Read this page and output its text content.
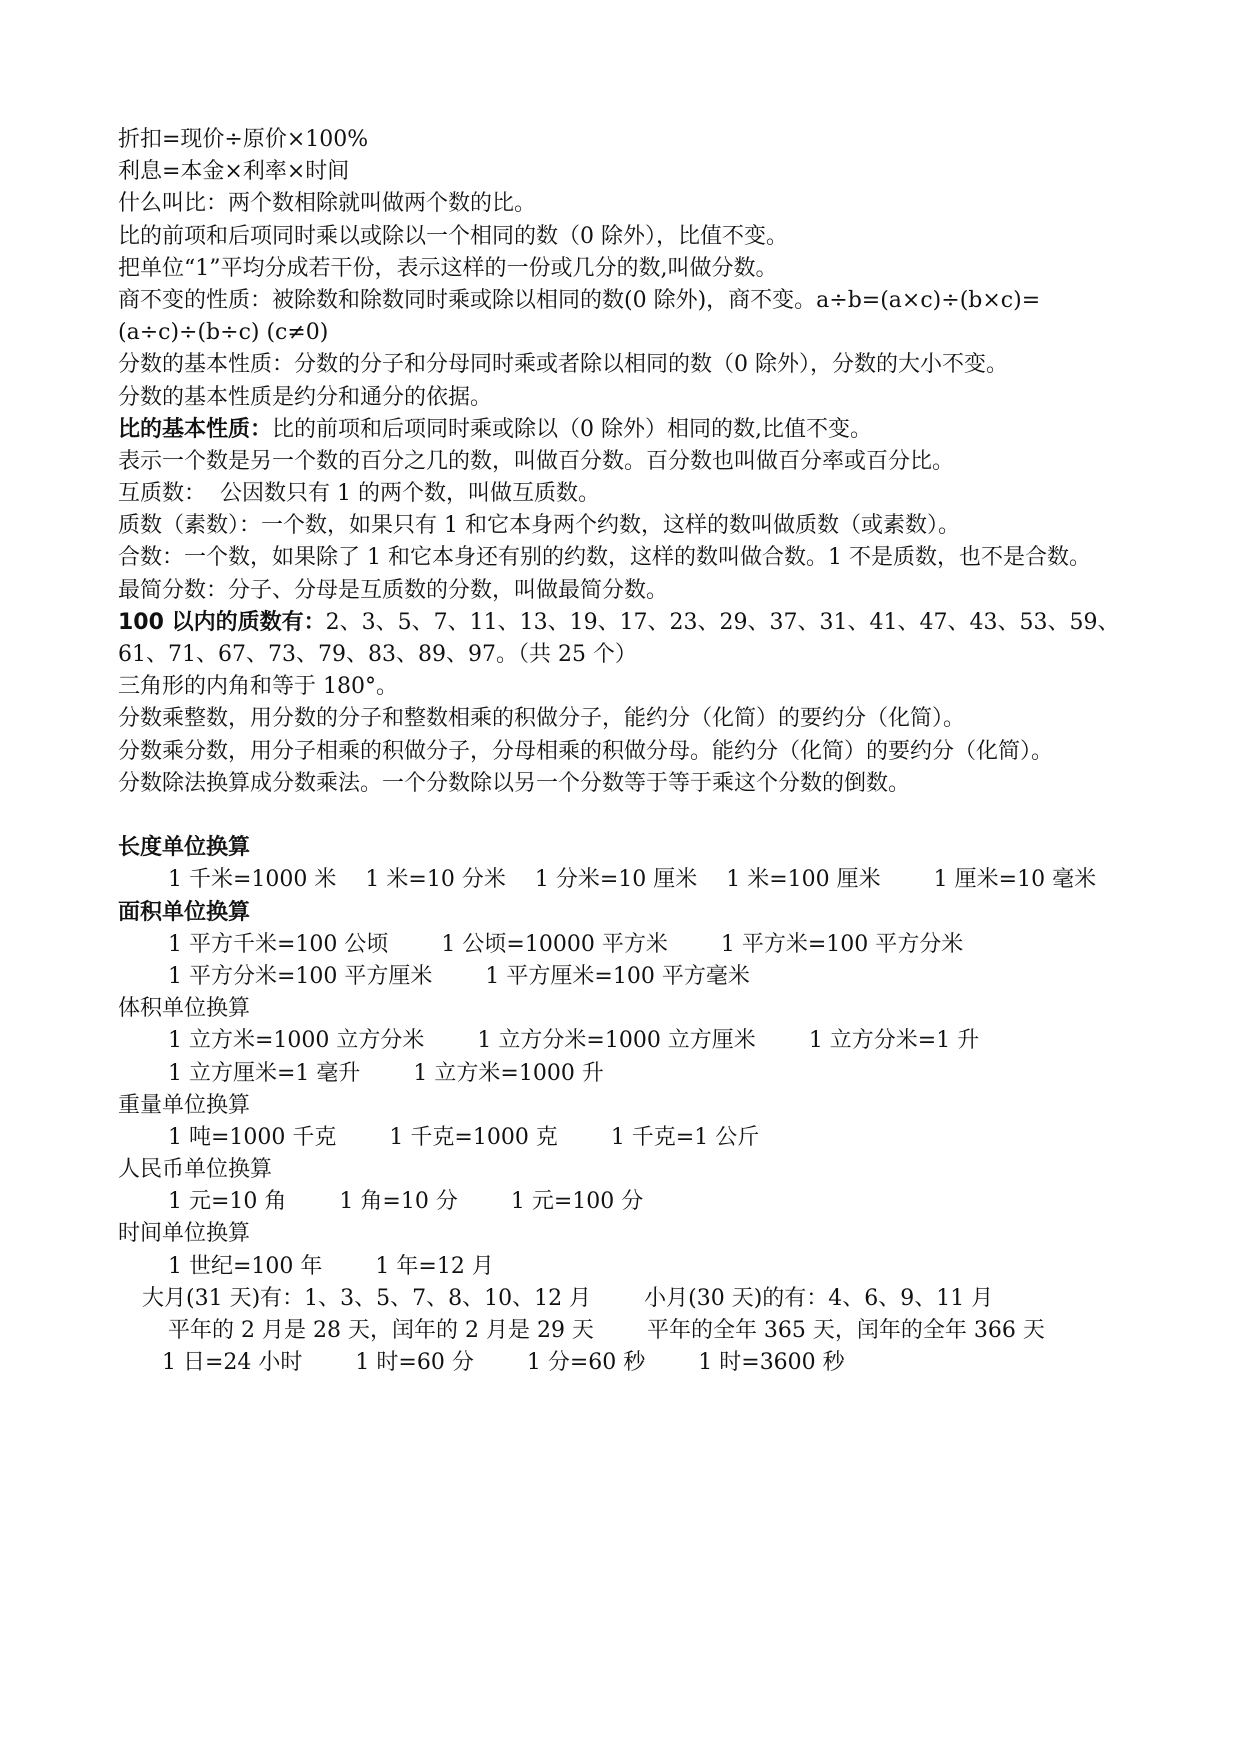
折扣=现价÷原价×100%
利息=本金×利率×时间
什么叫比：两个数相除就叫做两个数的比。
比的前项和后项同时乘以或除以一个相同的数（0 除外），比值不变。
把单位“1”平均分成若干份，表示这样的一份或几分的数,叫做分数。
商不变的性质：被除数和除数同时乘或除以相同的数(0 除外)，商不变。a÷b=(a×c)÷(b×c)=(a÷c)÷(b÷c) (c≠0)
分数的基本性质：分数的分子和分母同时乘或者除以相同的数（0 除外），分数的大小不变。
分数的基本性质是约分和通分的依据。
比的基本性质：比的前项和后项同时乘或除以（0 除外）相同的数,比值不变。
表示一个数是另一个数的百分之几的数，叫做百分数。百分数也叫做百分率或百分比。
互质数：  公因数只有 1 的两个数，叫做互质数。
质数（素数）：一个数，如果只有 1 和它本身两个约数，这样的数叫做质数（或素数）。
合数：一个数，如果除了 1 和它本身还有别的约数，这样的数叫做合数。1 不是质数，也不是合数。
最简分数：分子、分母是互质数的分数，叫做最简分数。
100 以内的质数有：2、3、5、7、11、13、19、17、23、29、37、31、41、47、43、53、59、61、71、67、73、79、83、89、97。（共 25 个）
三角形的内角和等于 180°。
分数乘整数，用分数的分子和整数相乘的积做分子，能约分（化简）的要约分（化简）。
分数乘分数，用分子相乘的积做分子，分母相乘的积做分母。能约分（化简）的要约分（化简）。
分数除法换算成分数乘法。一个分数除以另一个分数等于等于乘这个分数的倒数。
长度单位换算
1 千米=1000 米 1 米=10 分米 1 分米=10 厘米 1 米=100 厘米 1 厘米=10 毫米
面积单位换算
1 平方千米=100 公顷 1 公顷=10000 平方米 1 平方米=100 平方分米
1 平方分米=100 平方厘米 1 平方厘米=100 平方毫米
体积单位换算
1 立方米=1000 立方分米 1 立方分米=1000 立方厘米 1 立方分米=1 升
1 立方厘米=1 毫升 1 立方米=1000 升
重量单位换算
1 吨=1000 千克 1 千克=1000 克 1 千克=1 公斤
人民币单位换算
1 元=10 角 1 角=10 分 1 元=100 分
时间单位换算
1 世纪=100 年 1 年=12 月
大月(31 天)有：1、3、5、7、8、10、12 月 小月(30 天)的有：4、6、9、11 月
平年的 2 月是 28 天，闰年的 2 月是 29 天 平年的全年 365 天，闰年的全年 366 天
1 日=24 小时 1 时=60 分 1 分=60 秒 1 时=3600 秒
